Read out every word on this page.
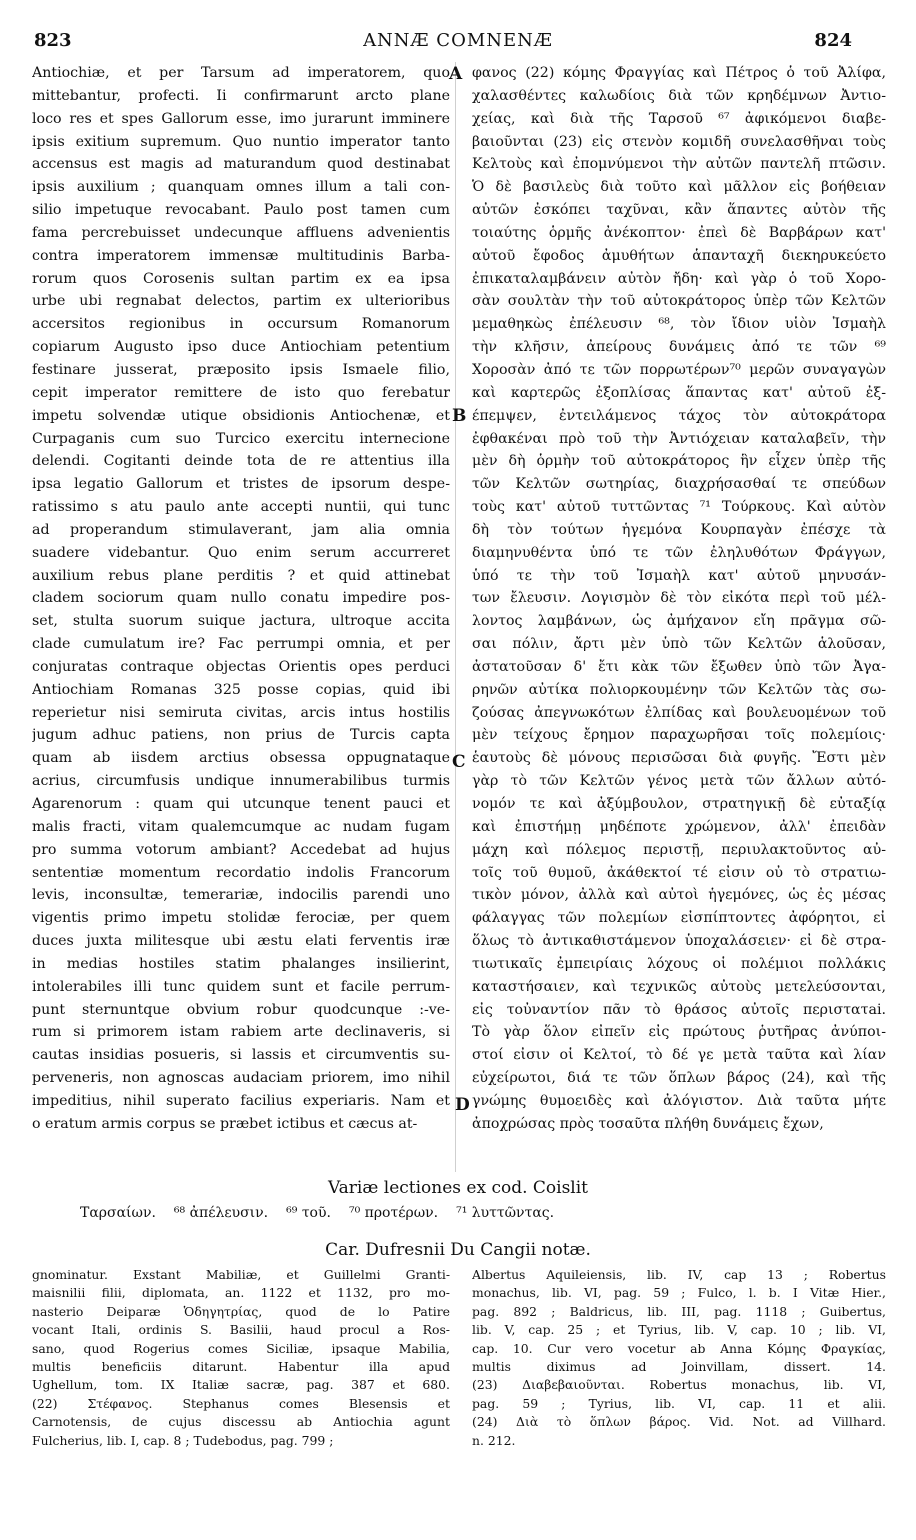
823	ANNÆ COMNENÆ	824
Antiochiæ, et per Tarsum ad imperatorem, quo
mittebantur, profecti. Ii confirmarunt arcto plane
loco res et spes Gallorum esse, imo jurarunt imminere
ipsis exitium supremum. Quo nuntio imperator tanto
accensus est magis ad maturandum quod destinabat
ipsis auxilium ; quanquam omnes illum a tali con-
silio impetuque revocabant. Paulo post tamen cum
fama percrebuisset undecunque affluens advenientis
contra imperatorem immensæ multitudinis Barba-
rorum quos Corosenis sultan partim ex ea ipsa
urbe ubi regnabat delectos, partim ex ulterioribus
accersitos regionibus in occursum Romanorum
copiarum Augusto ipso duce Antiochiam petentium
festinare jusserat, præposito ipsis Ismaele filio,
cepit imperator remittere de isto quo ferebatur
impetu solvendæ utique obsidionis Antiochenæ, et
Curpaganis cum suo Turcico exercitu internecione
delendi. Cogitanti deinde tota de re attentius illa
ipsa legatio Gallorum et tristes de ipsorum despe-
ratissimo s atu paulo ante accepti nuntii, qui tunc
ad properandum stimulaverant, jam alia omnia
suadere videbantur. Quo enim serum accurreret
auxilium rebus plane perditis ? et quid attinebat
cladem sociorum quam nullo conatu impedire pos-
set, stulta suorum suique jactura, ultroque accita
clade cumulatum ire? Fac perrumpi omnia, et per
conjuratas contraque objectas Orientis opes perduci
Antiochiam Romanas 325 posse copias, quid ibi
reperietur nisi semiruta civitas, arcis intus hostilis
jugum adhuc patiens, non prius de Turcis capta
quam ab iisdem arctius obsessa oppugnataque
acrius, circumfusis undique innumerabilibus turmis
Agarenorum : quam qui utcunque tenent pauci et
malis fracti, vitam qualemcumque ac nudam fugam
pro summa votorum ambiant? Accedebat ad hujus
sententiæ momentum recordatio indolis Francorum
levis, inconsultæ, temerariæ, indocilis parendi uno
vigentis primo impetu stolidæ ferociæ, per quem
duces juxta militesque ubi æstu elati ferventis iræ
in medias hostiles statim phalanges insilierint,
intolerabiles illi tunc quidem sunt et facile perrum-
punt sternuntque obvium robur quodcunque :-ve-
rum si primorem istam rabiem arte declinaveris, si
cautas insidias posueris, si lassis et circumventis su-
perveneris, non agnoscas audaciam priorem, imo nihil
impeditius, nihil superato facilius experiaris. Nam et
o eratum armis corpus se præbet ictibus et cæcus at-
φανος (22) κόμης Φραγγίας καὶ Πέτρος ὁ τοῦ Ἀλίφα,
χαλασθέντες καλωδίοις διὰ τῶν κρηδέμνων Ἀντιο-
χείας, καὶ διὰ τῆς Ταρσοῦ ⁶⁷ ἀφικόμενοι διαβε-
βαιοῦνται (23) εἰς στενὸν κομιδῆ συνελασθῆναι τοὺς
Κελτοὺς καὶ ἐπομνύμενοι τὴν αὐτῶν παντελῆ πτῶσιν.
Ὁ δὲ βασιλεὺς διὰ τοῦτο καὶ μᾶλλον εἰς βοήθειαν
αὐτῶν ἐσκόπει ταχῦναι, κἂν ἅπαντες αὐτὸν τῆς
τοιαύτης ὁρμῆς ἀνέκοπτον· ἐπεὶ δὲ Βαρβάρων κατ'
αὐτοῦ ἔφοδος ἀμυθήτων ἁπανταχῆ διεκηρυκεύετο
ἐπικαταλαμβάνειν αὐτὸν ἤδη· καὶ γὰρ ὁ τοῦ Χορο-
σὰν σουλτὰν τὴν τοῦ αὐτοκράτορος ὑπὲρ τῶν Κελτῶν
μεμαθηκὼς ἐπέλευσιν ⁶⁸, τὸν ἴδιον υἱὸν Ἰσμαὴλ
τὴν κλῆσιν, ἀπείρους δυνάμεις ἀπό τε τῶν ⁶⁹
Χοροσὰν ἀπό τε τῶν πορρωτέρων⁷⁰ μερῶν συναγαγὼν
καὶ καρτερῶς ἐξοπλίσας ἅπαντας κατ' αὐτοῦ ἐξ-
έπεμψεν, ἐντειλάμενος τάχος τὸν αὐτοκράτορα
ἐφθακέναι πρὸ τοῦ τὴν Ἀντιόχειαν καταλαβεῖν, τὴν
μὲν δὴ ὁρμὴν τοῦ αὐτοκράτορος ἣν εἶχεν ὑπὲρ τῆς
τῶν Κελτῶν σωτηρίας, διαχρήσασθαί τε σπεύδων
τοὺς κατ' αὐτοῦ τυττῶντας ⁷¹ Τούρκους. Καὶ αὐτὸν
δὴ τὸν τούτων ἡγεμόνα Κουρπαγὰν ἐπέσχε τὰ
διαμηνυθέντα ὑπό τε τῶν ἐληλυθότων Φράγγων,
ὑπό τε τὴν τοῦ Ἰσμαὴλ κατ' αὐτοῦ μηνυσάν-
των ἔλευσιν. Λογισμὸν δὲ τὸν εἰκότα περὶ τοῦ μέλ-
λοντος λαμβάνων, ὡς ἀμήχανον εἴη πρᾶγμα σῶ-
σαι πόλιν, ἄρτι μὲν ὑπὸ τῶν Κελτῶν ἁλοῦσαν,
ἀστατοῦσαν δ' ἔτι κὰκ τῶν ἔξωθεν ὑπὸ τῶν Ἀγα-
ρηνῶν αὐτίκα πολιορκουμένην τῶν Κελτῶν τὰς σω-
ζούσας ἀπεγνωκότων ἐλπίδας καὶ βουλευομένων τοῦ
μὲν τείχους ἔρημον παραχωρῆσαι τοῖς πολεμίοις·
ἑαυτοὺς δὲ μόνους περισῶσαι διὰ φυγῆς. Ἔστι μὲν
γὰρ τὸ τῶν Κελτῶν γένος μετὰ τῶν ἄλλων αὐτό-
νομόν τε καὶ ἀξύμβουλον, στρατηγικῇ δὲ εὐταξίᾳ
καὶ ἐπιστήμῃ μηδέποτε χρώμενον, ἀλλ' ἐπειδὰν
μάχη καὶ πόλεμος περιστῇ, περιυλακτοῦντος αὐ-
τοῖς τοῦ θυμοῦ, ἀκάθεκτοί τέ εἰσιν οὐ τὸ στρατιω-
τικὸν μόνον, ἀλλὰ καὶ αὐτοὶ ἡγεμόνες, ὡς ἐς μέσας
φάλαγγας τῶν πολεμίων εἰσπίπτοντες ἀφόρητοι, εἰ
ὅλως τὸ ἀντικαθιστάμενον ὑποχαλάσειεν· εἰ δὲ στρα-
τιωτικαῖς ἐμπειρίαις λόχους οἱ πολέμιοι πολλάκις
καταστήσαιεν, καὶ τεχνικῶς αὐτοὺς μετελεύσονται,
εἰς τοὐναντίον πᾶν τὸ θράσος αὐτοῖς περιστατai.
Τὸ γὰρ ὅλον εἰπεῖν εἰς πρώτους ῥυτῆρας ἀνύποι-
στοί εἰσιν οἱ Κελτοί, τὸ δέ γε μετὰ ταῦτα καὶ λίαν
εὐχείρωτοι, διά τε τῶν ὅπλων βάρος (24), καὶ τῆς
γνώμης θυμοειδὲς καὶ ἀλόγιστον. Διὰ ταῦτα μήτε
ἀποχρώσας πρὸς τοσαῦτα πλήθη δυνάμεις ἔχων,
A
B
C
D
Variæ lectiones ex cod. Coislit
Ταρσαίων. ⁶⁸ ἀπέλευσιν. ⁶⁹ τοῦ. ⁷⁰ προτέρων. ⁷¹ λυττῶντας.
Car. Dufresnii Du Cangii notæ.
gnominatur. Exstant Mabiliæ, et Guillelmi Granti-
maisnilii filii, diplomata, an. 1122 et 1132, pro mo-
nasterio Deiparæ Ὁδηγητρίας, quod de lo Patire
vocant Itali, ordinis S. Basilii, haud procul a Ros-
sano, quod Rogerius comes Siciliæ, ipsaque Mabilia,
multis beneficiis ditarunt. Habentur illa apud
Ughellum, tom. IX Italiæ sacræ, pag. 387 et 680.
(22) Στέφανος. Stephanus comes Blesensis et
Carnotensis, de cujus discessu ab Antiochia agunt
Fulcherius, lib. I, cap. 8 ; Tudebodus, pag. 799 ;
Albertus Aquileiensis, lib. IV, cap 13 ; Robertus
monachus, lib. VI, pag. 59 ; Fulco, l. b. I Vitæ Hier.,
pag. 892 ; Baldricus, lib. III, pag. 1118 ; Guibertus,
lib. V, cap. 25 ; et Tyrius, lib. V, cap. 10 ; lib. VI,
cap. 10. Cur vero vocetur ab Anna Κόμης Φραγκίας,
multis diximus ad Joinvillam, dissert. 14.
(23) Διαβεβαιοῦνται. Robertus monachus, lib. VI,
pag. 59 ; Tyrius, lib. VI, cap. 11 et alii.
(24) Διὰ τὸ ὅπλων βάρος. Vid. Not. ad Villhard.
n. 212.
